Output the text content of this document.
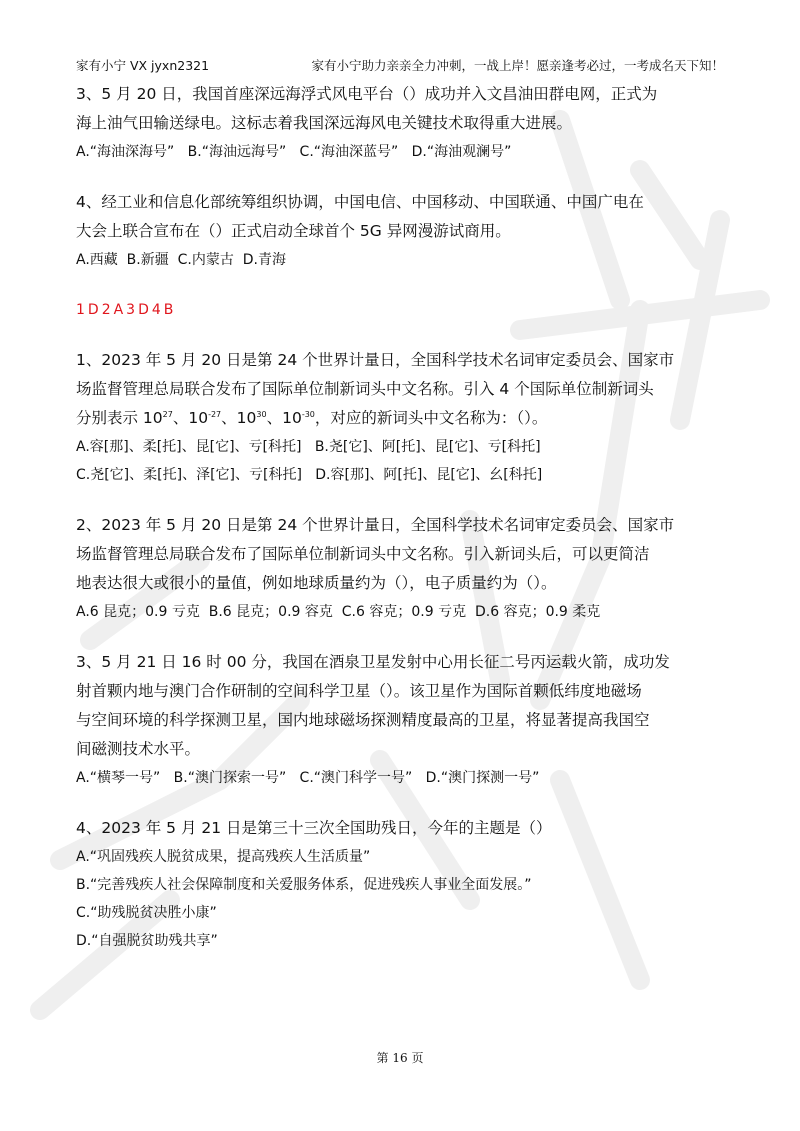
家有小宁 VX jyxn2321	家有小宁助力亲亲全力冲刺，一战上岸！愿亲逢考必过，一考成名天下知！

3、5 月 20 日，我国首座深远海浮式风电平台（）成功并入文昌油田群电网，正式为

海上油气田输送绿电。这标志着我国深远海风电关键技术取得重大进展。

A.“海油深海号”   B.“海油远海号”   C.“海油深蓝号”   D.“海油观澜号”

4、经工业和信息化部统筹组织协调，中国电信、中国移动、中国联通、中国广电在

大会上联合宣布在（）正式启动全球首个 5G 异网漫游试商用。

A.西藏  B.新疆  C.内蒙古  D.青海

1D2A3D4B

1、2023 年 5 月 20 日是第 24 个世界计量日，全国科学技术名词审定委员会、国家市

场监督管理总局联合发布了国际单位制新词头中文名称。引入 4 个国际单位制新词头

分别表示 $10^{27}$、$10^{-27}$、$10^{30}$、$10^{-30}$，对应的新词头中文名称为：（）。

A.容[那]、柔[托]、昆[它]、亏[科托]   B.尧[它]、阿[托]、昆[它]、亏[科托]

C.尧[它]、柔[托]、泽[它]、亏[科托]   D.容[那]、阿[托]、昆[它]、幺[科托]

2、2023 年 5 月 20 日是第 24 个世界计量日，全国科学技术名词审定委员会、国家市

场监督管理总局联合发布了国际单位制新词头中文名称。引入新词头后，可以更简洁

地表达很大或很小的量值，例如地球质量约为（），电子质量约为（）。

A.6 昆克；0.9 亏克  B.6 昆克；0.9 容克  C.6 容克；0.9 亏克  D.6 容克；0.9 柔克

3、5 月 21 日 16 时 00 分，我国在酒泉卫星发射中心用长征二号丙运载火箭，成功发

射首颗内地与澳门合作研制的空间科学卫星（）。该卫星作为国际首颗低纬度地磁场

与空间环境的科学探测卫星，国内地球磁场探测精度最高的卫星，将显著提高我国空

间磁测技术水平。

A.“横琴一号”   B.“澳门探索一号”   C.“澳门科学一号”   D.“澳门探测一号”

4、2023 年 5 月 21 日是第三十三次全国助残日，今年的主题是（）

A.“巩固残疾人脱贫成果，提高残疾人生活质量”

B.“完善残疾人社会保障制度和关爱服务体系，促进残疾人事业全面发展。”

C.“助残脱贫决胜小康”

D.“自强脱贫助残共享”

第 16 页
